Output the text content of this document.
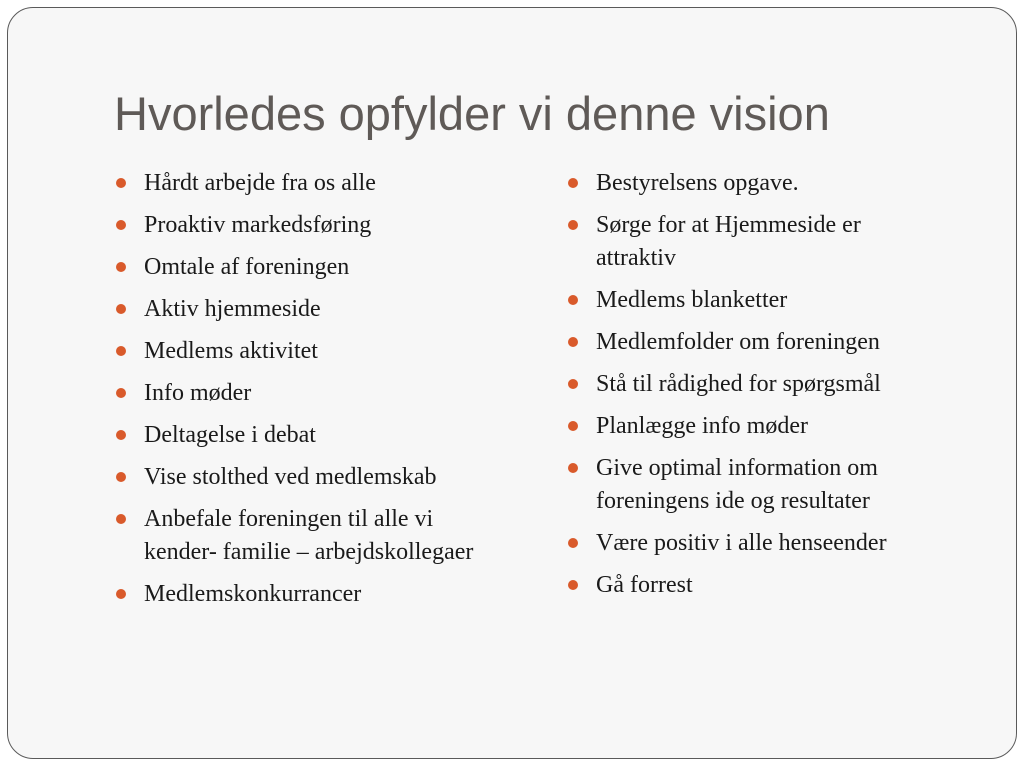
Hvorledes opfylder vi denne vision
Hårdt arbejde fra os alle
Proaktiv markedsføring
Omtale af foreningen
Aktiv hjemmeside
Medlems aktivitet
Info møder
Deltagelse i debat
Vise stolthed ved medlemskab
Anbefale foreningen til alle vi kender- familie – arbejdskollegaer
Medlemskonkurrancer
Bestyrelsens opgave.
Sørge for at Hjemmeside er attraktiv
Medlems blanketter
Medlemfolder om foreningen
Stå til rådighed for spørgsmål
Planlægge info møder
Give optimal information om foreningens ide og resultater
Være positiv i alle henseender
Gå forrest
